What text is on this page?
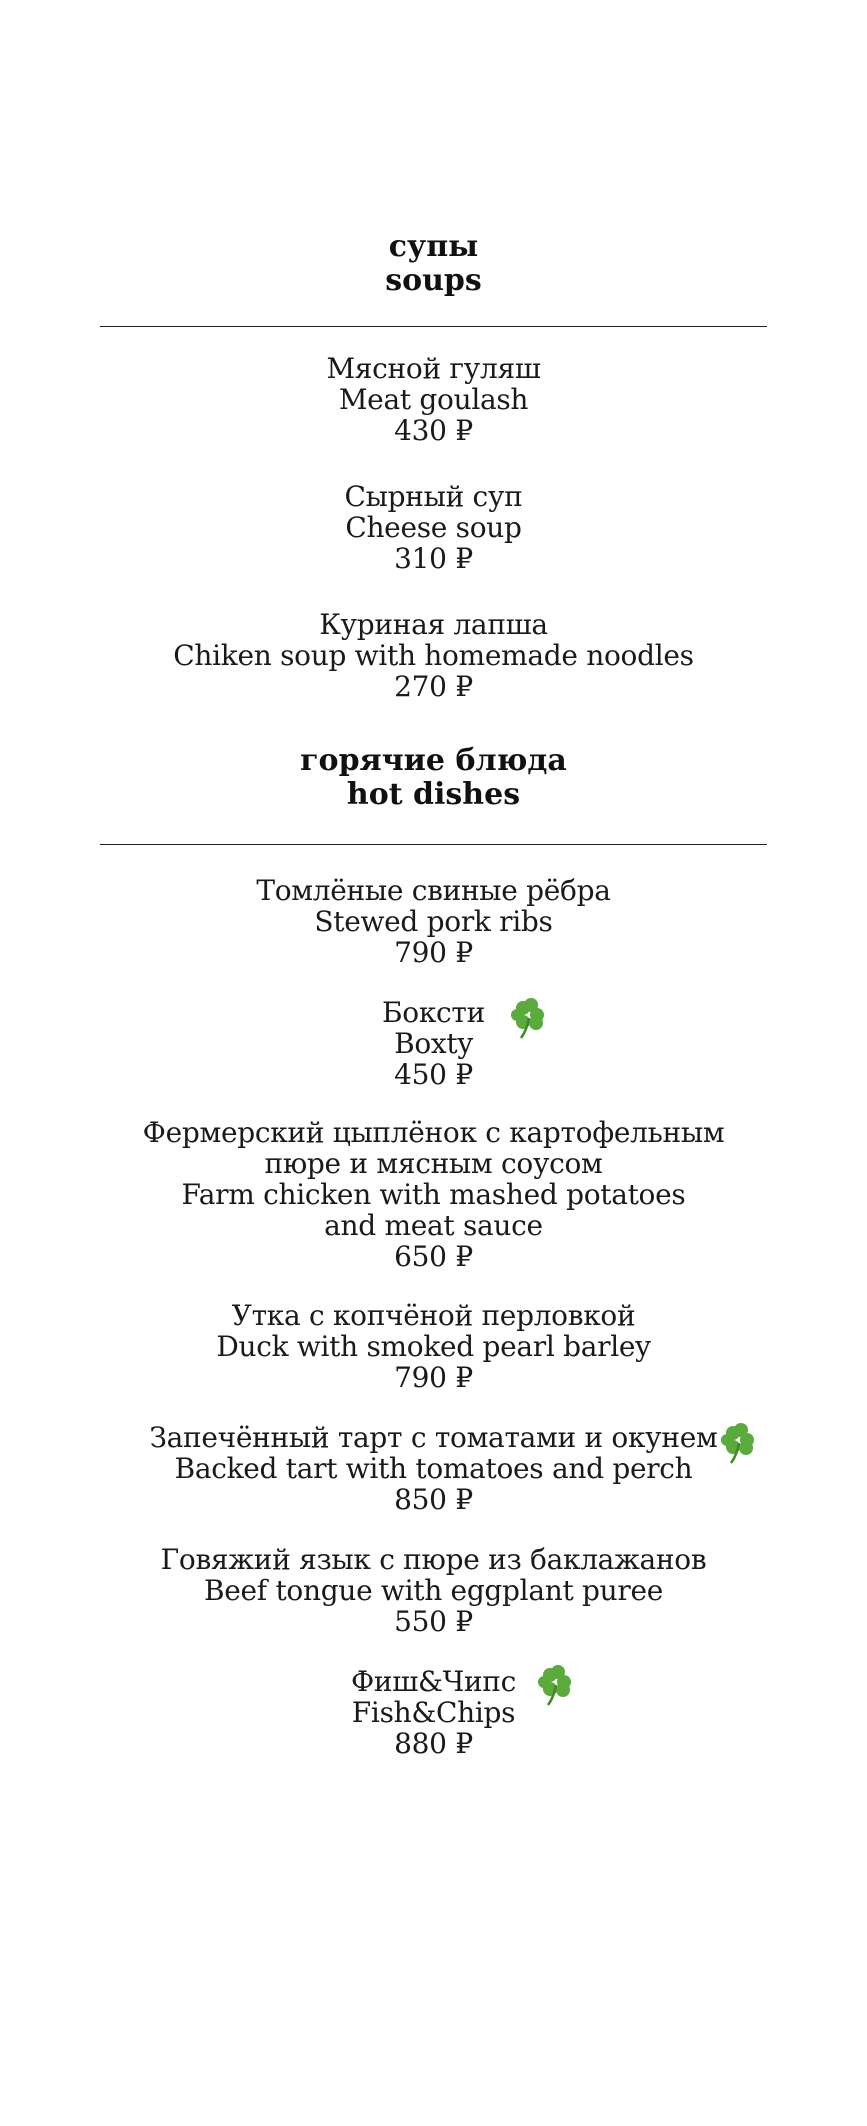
супы
soups
Мясной гуляш
Meat goulash
430 ₽
Сырный суп
Cheese soup
310 ₽
Куриная лапша
Chiken soup with homemade noodles
270 ₽
горячие блюда
hot dishes
Томлёные свиные рёбра
Stewed pork ribs
790 ₽
Боксти
Boxty
450 ₽
Фермерский цыплёнок с картофельным
пюре и мясным соусом
Farm chicken with mashed potatoes
and meat sauce
650 ₽
Утка с копчёной перловкой
Duck with smoked pearl barley
790 ₽
Запечённый тарт с томатами и окунем
Backed tart with tomatoes and perch
850 ₽
Говяжий язык с пюре из баклажанов
Beef tongue with eggplant puree
550 ₽
Фиш&Чипс
Fish&Chips
880 ₽
